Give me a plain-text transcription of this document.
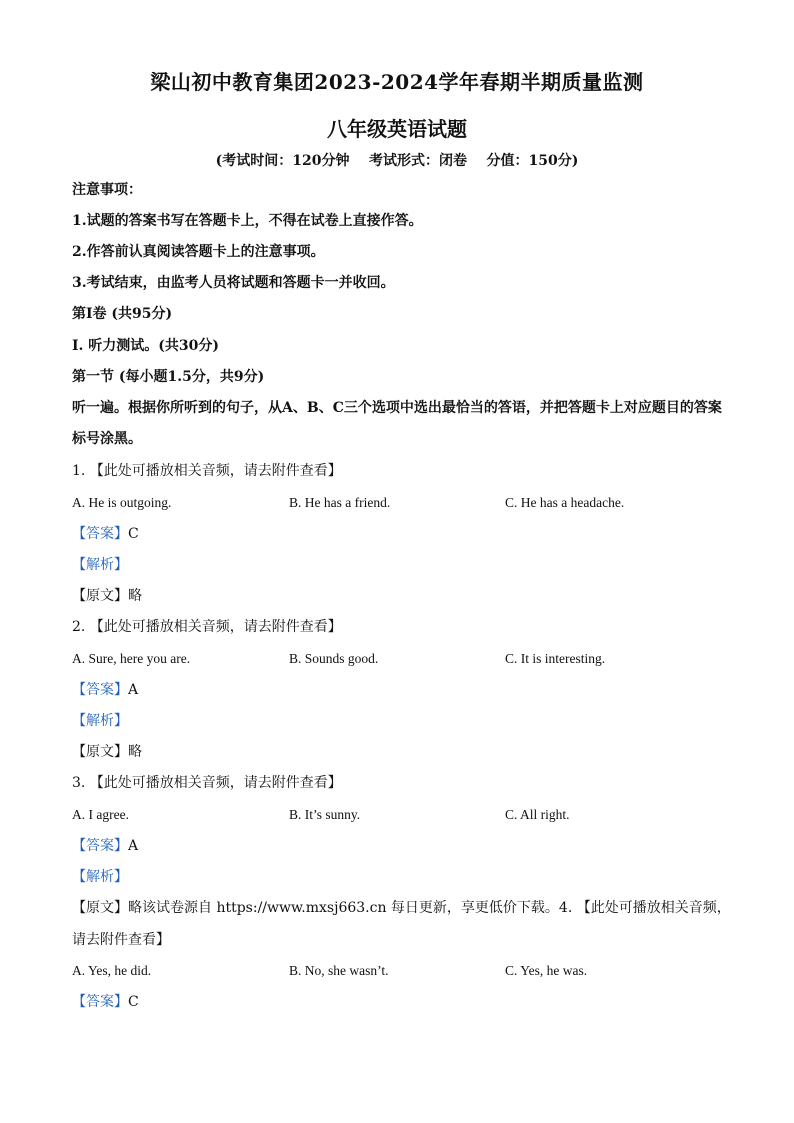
梁山初中教育集团2023-2024学年春期半期质量监测
八年级英语试题
(考试时间：120分钟    考试形式：闭卷    分值：150分)
注意事项：
1.试题的答案书写在答题卡上，不得在试卷上直接作答。
2.作答前认真阅读答题卡上的注意事项。
3.考试结束，由监考人员将试题和答题卡一并收回。
第Ⅰ卷 (共95分)
I. 听力测试。(共30分)
第一节 (每小题1.5分，共9分)
听一遍。根据你所听到的句子，从A、B、C三个选项中选出最恰当的答语，并把答题卡上对应题目的答案标号涂黑。
1. 【此处可播放相关音频，请去附件查看】
A. He is outgoing.	B. He has a friend.	C. He has a headache.
【答案】C
【解析】
【原文】略
2. 【此处可播放相关音频，请去附件查看】
A. Sure, here you are.	B. Sounds good.	C. It is interesting.
【答案】A
【解析】
【原文】略
3. 【此处可播放相关音频，请去附件查看】
A. I agree.	B. It’s sunny.	C. All right.
【答案】A
【解析】
【原文】略该试卷源自 https://www.mxsj663.cn 每日更新，享更低价下载。4. 【此处可播放相关音频，
请去附件查看】
A. Yes, he did.	B. No, she wasn’t.	C. Yes, he was.
【答案】C
